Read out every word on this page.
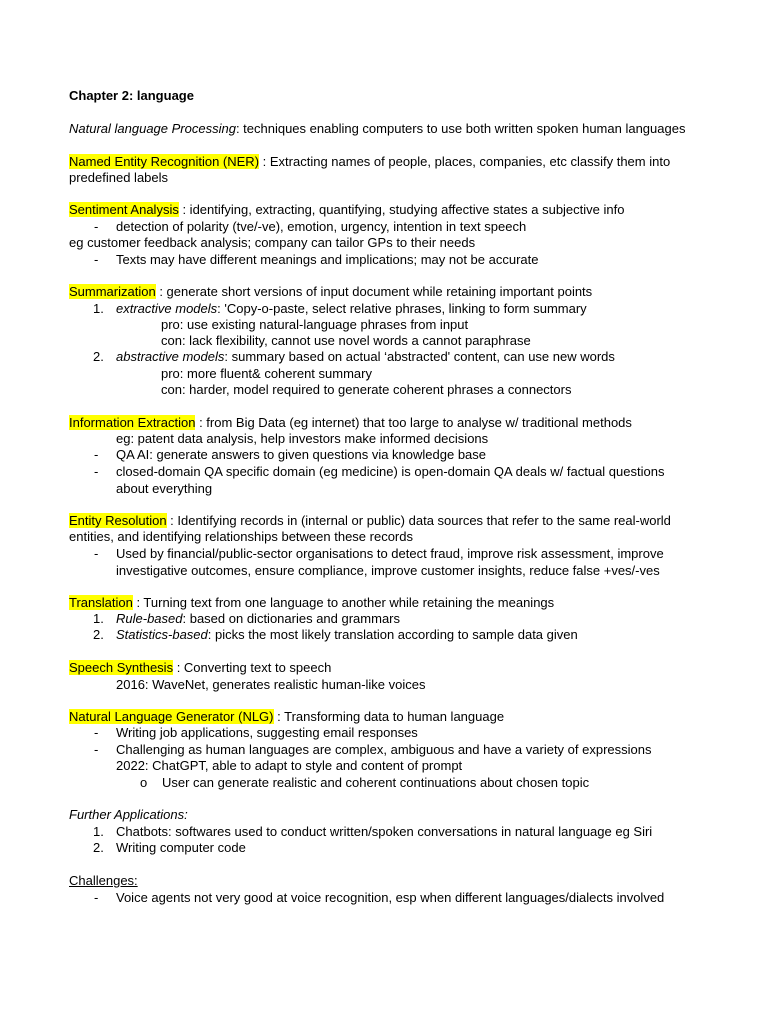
Chapter 2: language
Natural language Processing: techniques enabling computers to use both written spoken human languages
Named Entity Recognition (NER) : Extracting names of people, places, companies, etc classify them into
predefined labels
Sentiment Analysis : identifying, extracting, quantifying, studying affective states a subjective info
- detection of polarity (tve/-ve), emotion, urgency, intention in text speech
eg customer feedback analysis; company can tailor GPs to their needs
- Texts may have different meanings and implications; may not be accurate
Summarization : generate short versions of input document while retaining important points
1. extractive models: 'Copy-o-paste, select relative phrases, linking to form summary
pro: use existing natural-language phrases from input
con: lack flexibility, cannot use novel words a cannot paraphrase
2. abstractive models: summary based on actual ‘abstracted' content, can use new words
pro: more fluent& coherent summary
con: harder, model required to generate coherent phrases a connectors
Information Extraction : from Big Data (eg internet) that too large to analyse w/ traditional methods
eg: patent data analysis, help investors make informed decisions
- QA AI: generate answers to given questions via knowledge base
- closed-domain QA specific domain (eg medicine) is open-domain QA deals w/ factual questions
about everything
Entity Resolution : Identifying records in (internal or public) data sources that refer to the same real-world
entities, and identifying relationships between these records
- Used by financial/public-sector organisations to detect fraud, improve risk assessment, improve
investigative outcomes, ensure compliance, improve customer insights, reduce false +ves/-ves
Translation : Turning text from one language to another while retaining the meanings
1. Rule-based: based on dictionaries and grammars
2. Statistics-based: picks the most likely translation according to sample data given
Speech Synthesis : Converting text to speech
2016: WaveNet, generates realistic human-like voices
Natural Language Generator (NLG) : Transforming data to human language
- Writing job applications, suggesting email responses
- Challenging as human languages are complex, ambiguous and have a variety of expressions
2022: ChatGPT, able to adapt to style and content of prompt
o User can generate realistic and coherent continuations about chosen topic
Further Applications:
1. Chatbots: softwares used to conduct written/spoken conversations in natural language eg Siri
2. Writing computer code
Challenges:
- Voice agents not very good at voice recognition, esp when different languages/dialects involved
